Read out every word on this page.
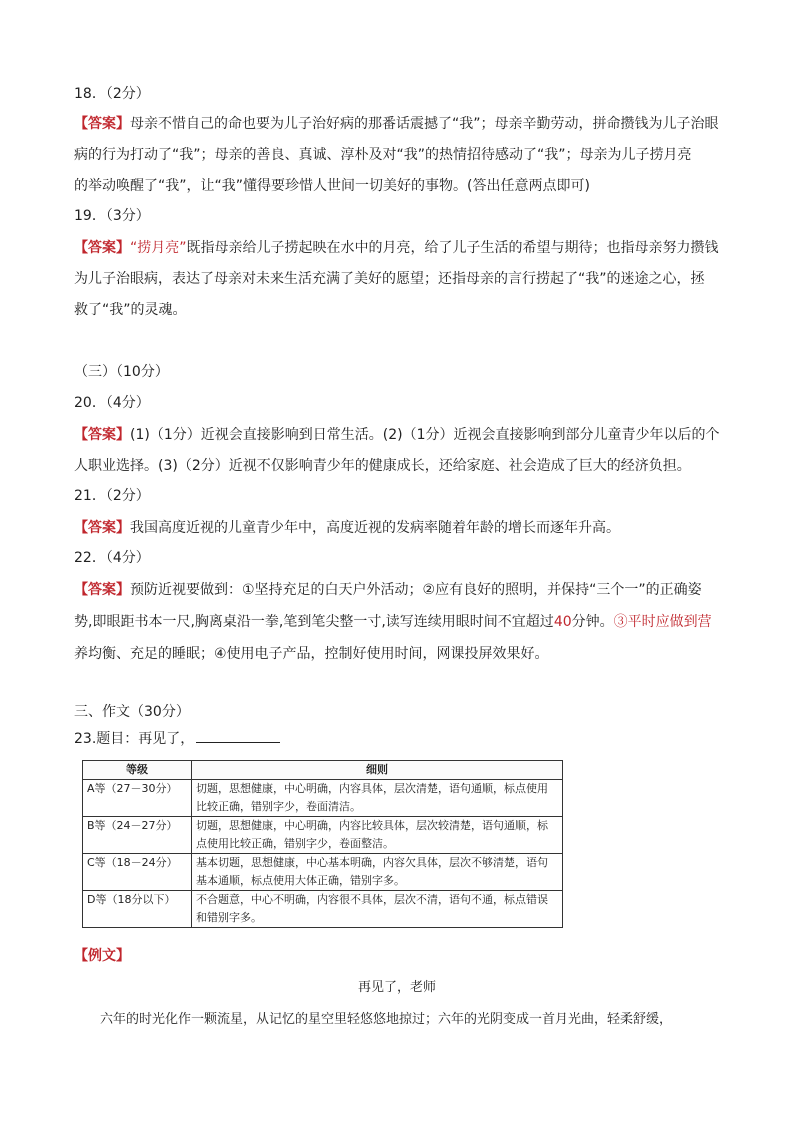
18．（2分）
【答案】母亲不惜自己的命也要为儿子治好病的那番话震撼了“我”；母亲辛勤劳动，拼命攒钱为儿子治眼
病的行为打动了“我”；母亲的善良、真诚、淳朴及对“我”的热情招待感动了“我”；母亲为儿子捞月亮
的举动唤醒了“我”，让“我”懂得要珍惜人世间一切美好的事物。(答出任意两点即可)
19．（3分）
【答案】“捞月亮”既指母亲给儿子捞起映在水中的月亮，给了儿子生活的希望与期待；也指母亲努力攒钱
为儿子治眼病，表达了母亲对未来生活充满了美好的愿望；还指母亲的言行捞起了“我”的迷途之心，拯
救了“我”的灵魂。
（三）（10分）
20．（4分）
【答案】(1)（1分）近视会直接影响到日常生活。(2)（1分）近视会直接影响到部分儿童青少年以后的个
人职业选择。(3)（2分）近视不仅影响青少年的健康成长，还给家庭、社会造成了巨大的经济负担。
21．（2分）
【答案】我国高度近视的儿童青少年中，高度近视的发病率随着年龄的增长而逐年升高。
22．（4分）
【答案】预防近视要做到：①坚持充足的白天户外活动；②应有良好的照明，并保持“三个一”的正确姿
势,即眼距书本一尺,胸离桌沿一拳,笔到笔尖整一寸,读写连续用眼时间不宜超过40分钟。③平时应做到营
养均衡、充足的睡眠；④使用电子产品，控制好使用时间，网课投屏效果好。
三、作文（30分）
23.题目：再见了，
等级	细则
A等（27－30分）	切题，思想健康，中心明确，内容具体，层次清楚，语句通顺，标点使用比较正确，错别字少，卷面清洁。
B等（24－27分）	切题，思想健康，中心明确，内容比较具体，层次较清楚，语句通顺，标点使用比较正确，错别字少，卷面整洁。
C等（18－24分）	基本切题，思想健康，中心基本明确，内容欠具体，层次不够清楚，语句基本通顺，标点使用大体正确，错别字多。
D等（18分以下）	不合题意，中心不明确，内容很不具体，层次不清，语句不通，标点错误和错别字多。
【例文】
再见了，老师
六年的时光化作一颗流星，从记忆的星空里轻悠悠地掠过；六年的光阴变成一首月光曲，轻柔舒缓，
